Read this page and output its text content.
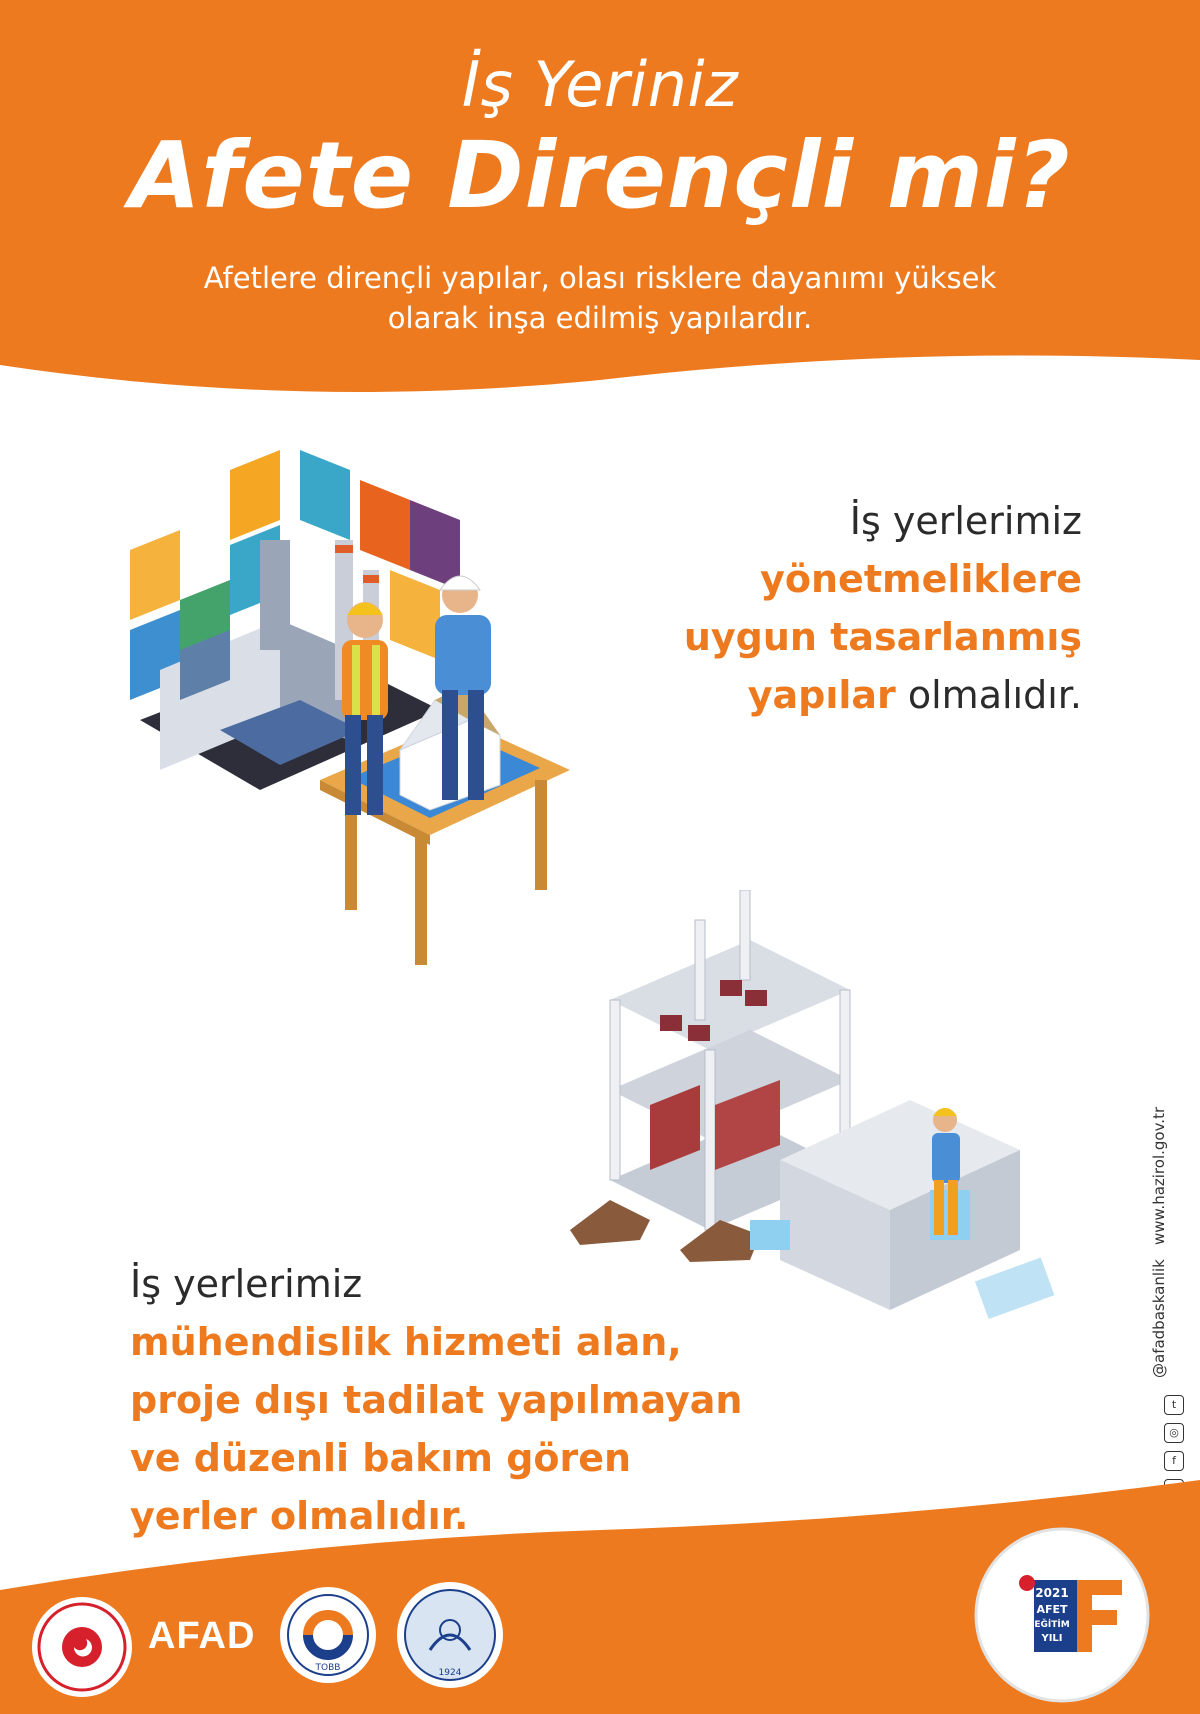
İş Yeriniz
Afete Dirençli mi?
Afetlere dirençli yapılar, olası risklere dayanımı yüksek
olarak inşa edilmiş yapılardır.
İş yerlerimiz
yönetmeliklere
uygun tasarlanmış
yapılar olmalıdır.
İş yerlerimiz
mühendislik hizmeti alan,
proje dışı tadilat yapılmayan
ve düzenli bakım gören
yerler olmalıdır.
www.hazirol.gov.tr
@afadbaskanlik
t
◎
f
AFAD
TOBB	1924
2021
AFET
EĞİTİM
YILI
